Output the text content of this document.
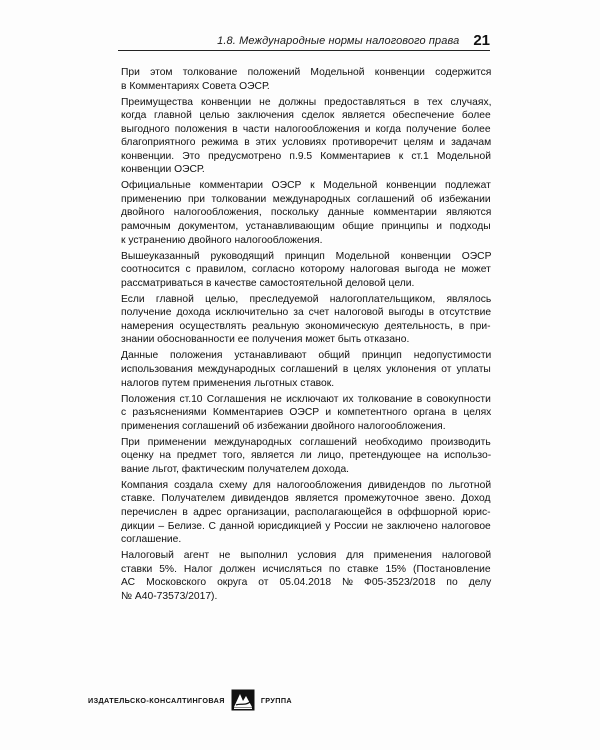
1.8. Международные нормы налогового права 21

При этом толкование положений Модельной конвенции содержится
в Комментариях Совета ОЭСР.

Преимущества конвенции не должны предоставляться в тех случаях,
когда главной целью заключения сделок является обеспечение более
выгодного положения в части налогообложения и когда получение более
благоприятного режима в этих условиях противоречит целям и задачам
конвенции. Это предусмотрено п.9.5 Комментариев к ст.1 Модельной
конвенции ОЭСР.

Официальные комментарии ОЭСР к Модельной конвенции подлежат
применению при толковании международных соглашений об избежании
двойного налогообложения, поскольку данные комментарии являются
рамочным документом, устанавливающим общие принципы и подходы
к устранению двойного налогообложения.

Вышеуказанный руководящий принцип Модельной конвенции ОЭСР
соотносится с правилом, согласно которому налоговая выгода не может
рассматриваться в качестве самостоятельной деловой цели.

Если главной целью, преследуемой налогоплательщиком, являлось
получение дохода исключительно за счет налоговой выгоды в отсутствие
намерения осуществлять реальную экономическую деятельность, в при-
знании обоснованности ее получения может быть отказано.

Данные положения устанавливают общий принцип недопустимости
использования международных соглашений в целях уклонения от уплаты
налогов путем применения льготных ставок.

Положения ст.10 Соглашения не исключают их толкование в совокупности
с разъяснениями Комментариев ОЭСР и компетентного органа в целях
применения соглашений об избежании двойного налогообложения.

При применении международных соглашений необходимо производить
оценку на предмет того, является ли лицо, претендующее на использо-
вание льгот, фактическим получателем дохода.

Компания создала схему для налогообложения дивидендов по льготной
ставке. Получателем дивидендов является промежуточное звено. Доход
перечислен в адрес организации, располагающейся в оффшорной юрис-
дикции – Белизе. С данной юрисдикцией у России не заключено налоговое
соглашение.

Налоговый агент не выполнил условия для применения налоговой
ставки 5%. Налог должен исчисляться по ставке 15% (Постановление
АС Московского округа от 05.04.2018 № Ф05-3523/2018 по делу
№ А40-73573/2017).

ИЗДАТЕЛЬСКО-КОНСАЛТИНГОВАЯ	ГРУППА
